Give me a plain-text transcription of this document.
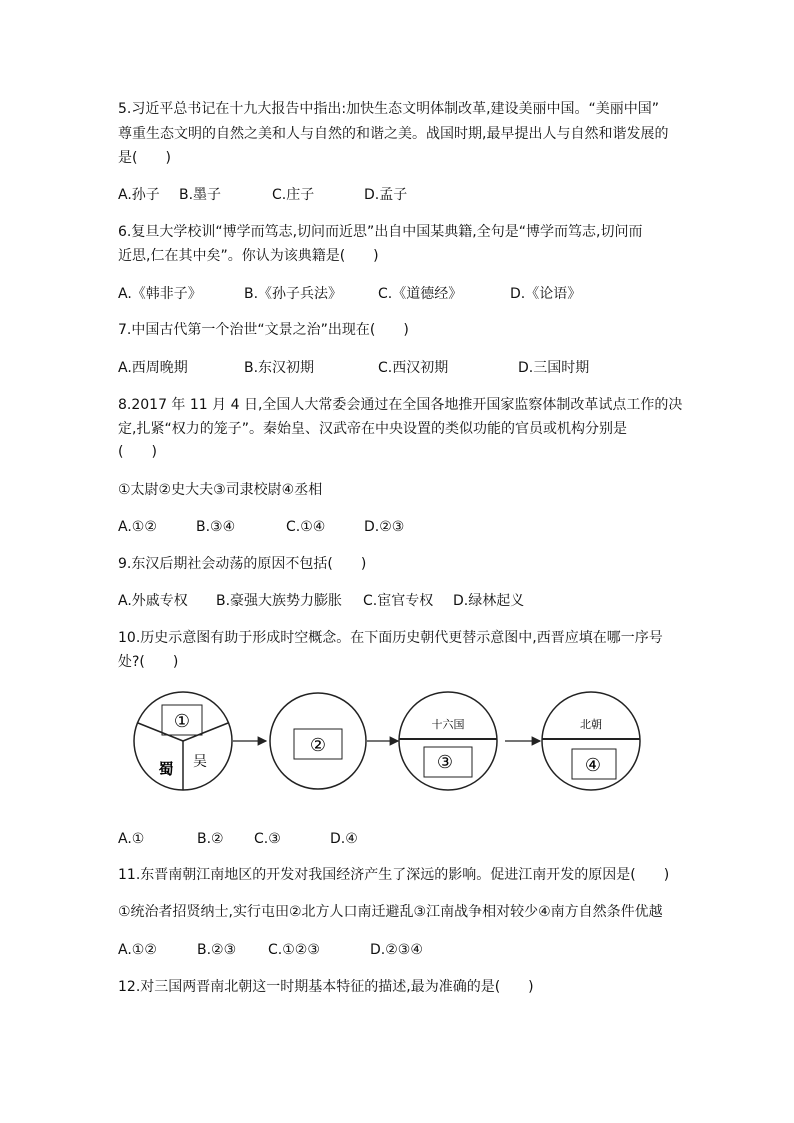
5.习近平总书记在十九大报告中指出:加快生态文明体制改革,建设美丽中国。“美丽中国”
尊重生态文明的自然之美和人与自然的和谐之美。战国时期,最早提出人与自然和谐发展的
是(　　)
A.孙子 B.墨子	C.庄子	D.孟子
6.复旦大学校训“博学而笃志,切问而近思”出自中国某典籍,全句是“博学而笃志,切问而
近思,仁在其中矣”。你认为该典籍是(　　)
A.《韩非子》	B.《孙子兵法》	C.《道德经》	D.《论语》
7.中国古代第一个治世“文景之治”出现在(　　)
A.西周晚期	B.东汉初期	C.西汉初期	D.三国时期
8.2017 年 11 月 4 日,全国人大常委会通过在全国各地推开国家监察体制改革试点工作的决
定,扎紧“权力的笼子”。秦始皇、汉武帝在中央设置的类似功能的官员或机构分别是
(　　)
①太尉②史大夫③司隶校尉④丞相
A.①②	B.③④	C.①④	D.②③
9.东汉后期社会动荡的原因不包括(　　)
A.外戚专权 B.豪强大族势力膨胀 C.宦官专权 D.绿林起义
10.历史示意图有助于形成时空概念。在下面历史朝代更替示意图中,西晋应填在哪一序号
处?(　　)
①
蜀 吴
②
十六国
③
北朝
④
A.①	B.② C.③	D.④
11.东晋南朝江南地区的开发对我国经济产生了深远的影响。促进江南开发的原因是(　　)
①统治者招贤纳士,实行屯田②北方人口南迁避乱③江南战争相对较少④南方自然条件优越
A.①②	B.②③ C.①②③	D.②③④
12.对三国两晋南北朝这一时期基本特征的描述,最为准确的是(　　)
